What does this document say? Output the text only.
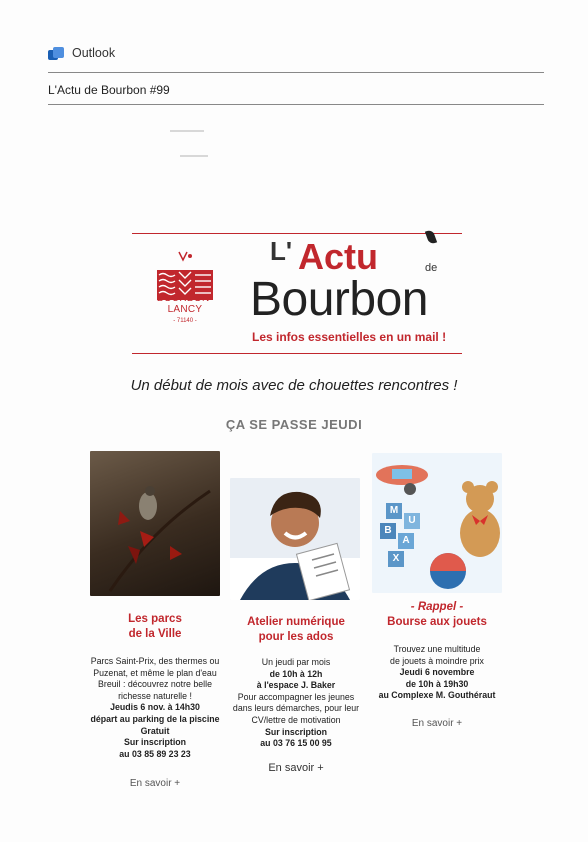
Outlook
L'Actu de Bourbon #99
LANCY
- 71140 -
L' Actu	de
Bourbon
Les infos essentielles en un mail !
Un début de mois avec de chouettes rencontres !
ÇA SE PASSE JEUDI
M
U
B
A
X
Les parcs
de la Ville
Parcs Saint-Prix, des thermes ou
Puzenat, et même le plan d'eau
Breuil : découvrez notre belle
richesse naturelle !
Jeudis 6 nov. à 14h30
départ au parking de la piscine
Gratuit
Sur inscription
au 03 85 89 23 23
En savoir +
Atelier numérique
pour les ados
Un jeudi par mois
de 10h à 12h
à l'espace J. Baker
Pour accompagner les jeunes
dans leurs démarches, pour leur
CV/lettre de motivation
Sur inscription
au 03 76 15 00 95
En savoir +
- Rappel -
Bourse aux jouets
Trouvez une multitude
de jouets à moindre prix
Jeudi 6 novembre
de 10h à 19h30
au Complexe M. Gouthéraut
En savoir +
